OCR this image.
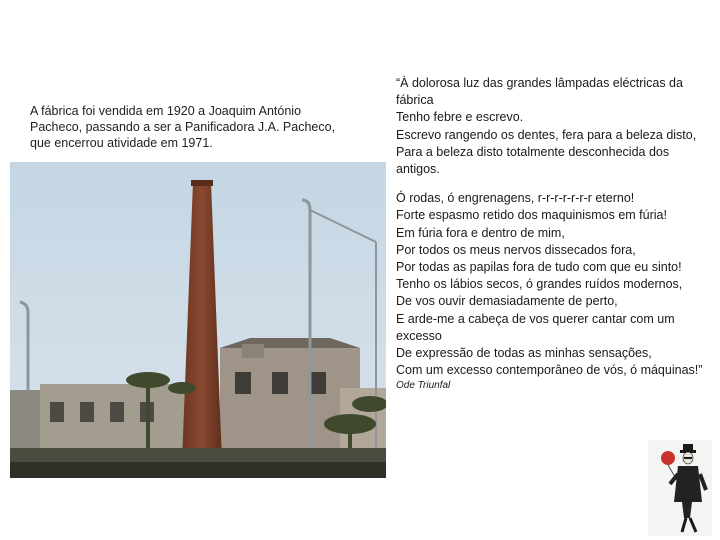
A fábrica foi vendida em 1920 a Joaquim António Pacheco, passando a ser a Panificadora J.A. Pacheco, que encerrou atividade em 1971.
“À dolorosa luz das grandes lâmpadas eléctricas da fábrica
Tenho febre e escrevo.
Escrevo rangendo os dentes, fera para a beleza disto,
Para a beleza disto totalmente desconhecida dos antigos.
Ó rodas, ó engrenagens, r-r-r-r-r-r-r eterno!
Forte espasmo retido dos maquinismos em fúria!
Em fúria fora e dentro de mim,
Por todos os meus nervos dissecados fora,
Por todas as papilas fora de tudo com que eu sinto!
Tenho os lábios secos, ó grandes ruídos modernos,
De vos ouvir demasiadamente de perto,
E arde-me a cabeça de vos querer cantar com um excesso
De expressão de todas as minhas sensações,
Com um excesso contemporâneo de vós, ó máquinas!”
Ode Triunfal
